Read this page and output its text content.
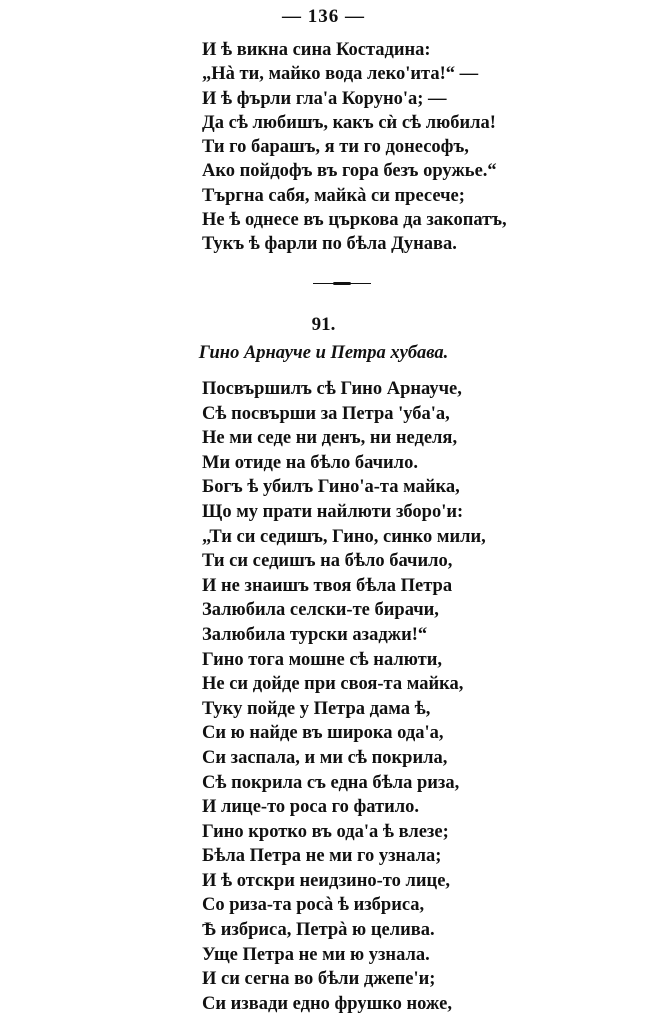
— 136 —
И ѣ викна сина Костадина:
„Нà ти, майко вода леко'ита!“ —
И ѣ фърли гла'а Коруно'а; —
Да сѣ любишъ, какъ сѝ сѣ любила!
Ти го барашъ, я ти го донесофъ,
Ако пойдофъ въ гора безъ оружье.“
Търгна сабя, майкà си пресече;
Не ѣ однесе въ църкова да закопатъ,
Тукъ ѣ фарли по бѣла Дунава.
91.
Гино Арнауче и Петра хубава.
Посвършилъ сѣ Гино Арнауче,
Сѣ посвърши за Петра 'уба'а,
Не ми седе ни денъ, ни неделя,
Ми отиде на бѣло бачило.
Богъ ѣ убилъ Гино'а-та майка,
Що му прати найлюти зборо'и:
„Ти си седишъ, Гино, синко мили,
Ти си седишъ на бѣло бачило,
И не знаишъ твоя бѣла Петра
Залюбила селски-те бирачи,
Залюбила турски азаджи!“
Гино тога мошне сѣ налюти,
Не си дойде при своя-та майка,
Туку пойде у Петра дама ѣ,
Си ю найде въ широка ода'а,
Си заспала, и ми сѣ покрила,
Сѣ покрила съ една бѣла риза,
И лице-то роса го фатило.
Гино кротко въ ода'а ѣ влезе;
Бѣла Петра не ми го узнала;
И ѣ отскри неидзино-то лице,
Со риза-та росà ѣ избриса,
Ѣ избриса, Петрà ю целива.
Уще Петра не ми ю узнала.
И си сегна во бѣли джепе'и;
Си извади едно фрушко ноже,
